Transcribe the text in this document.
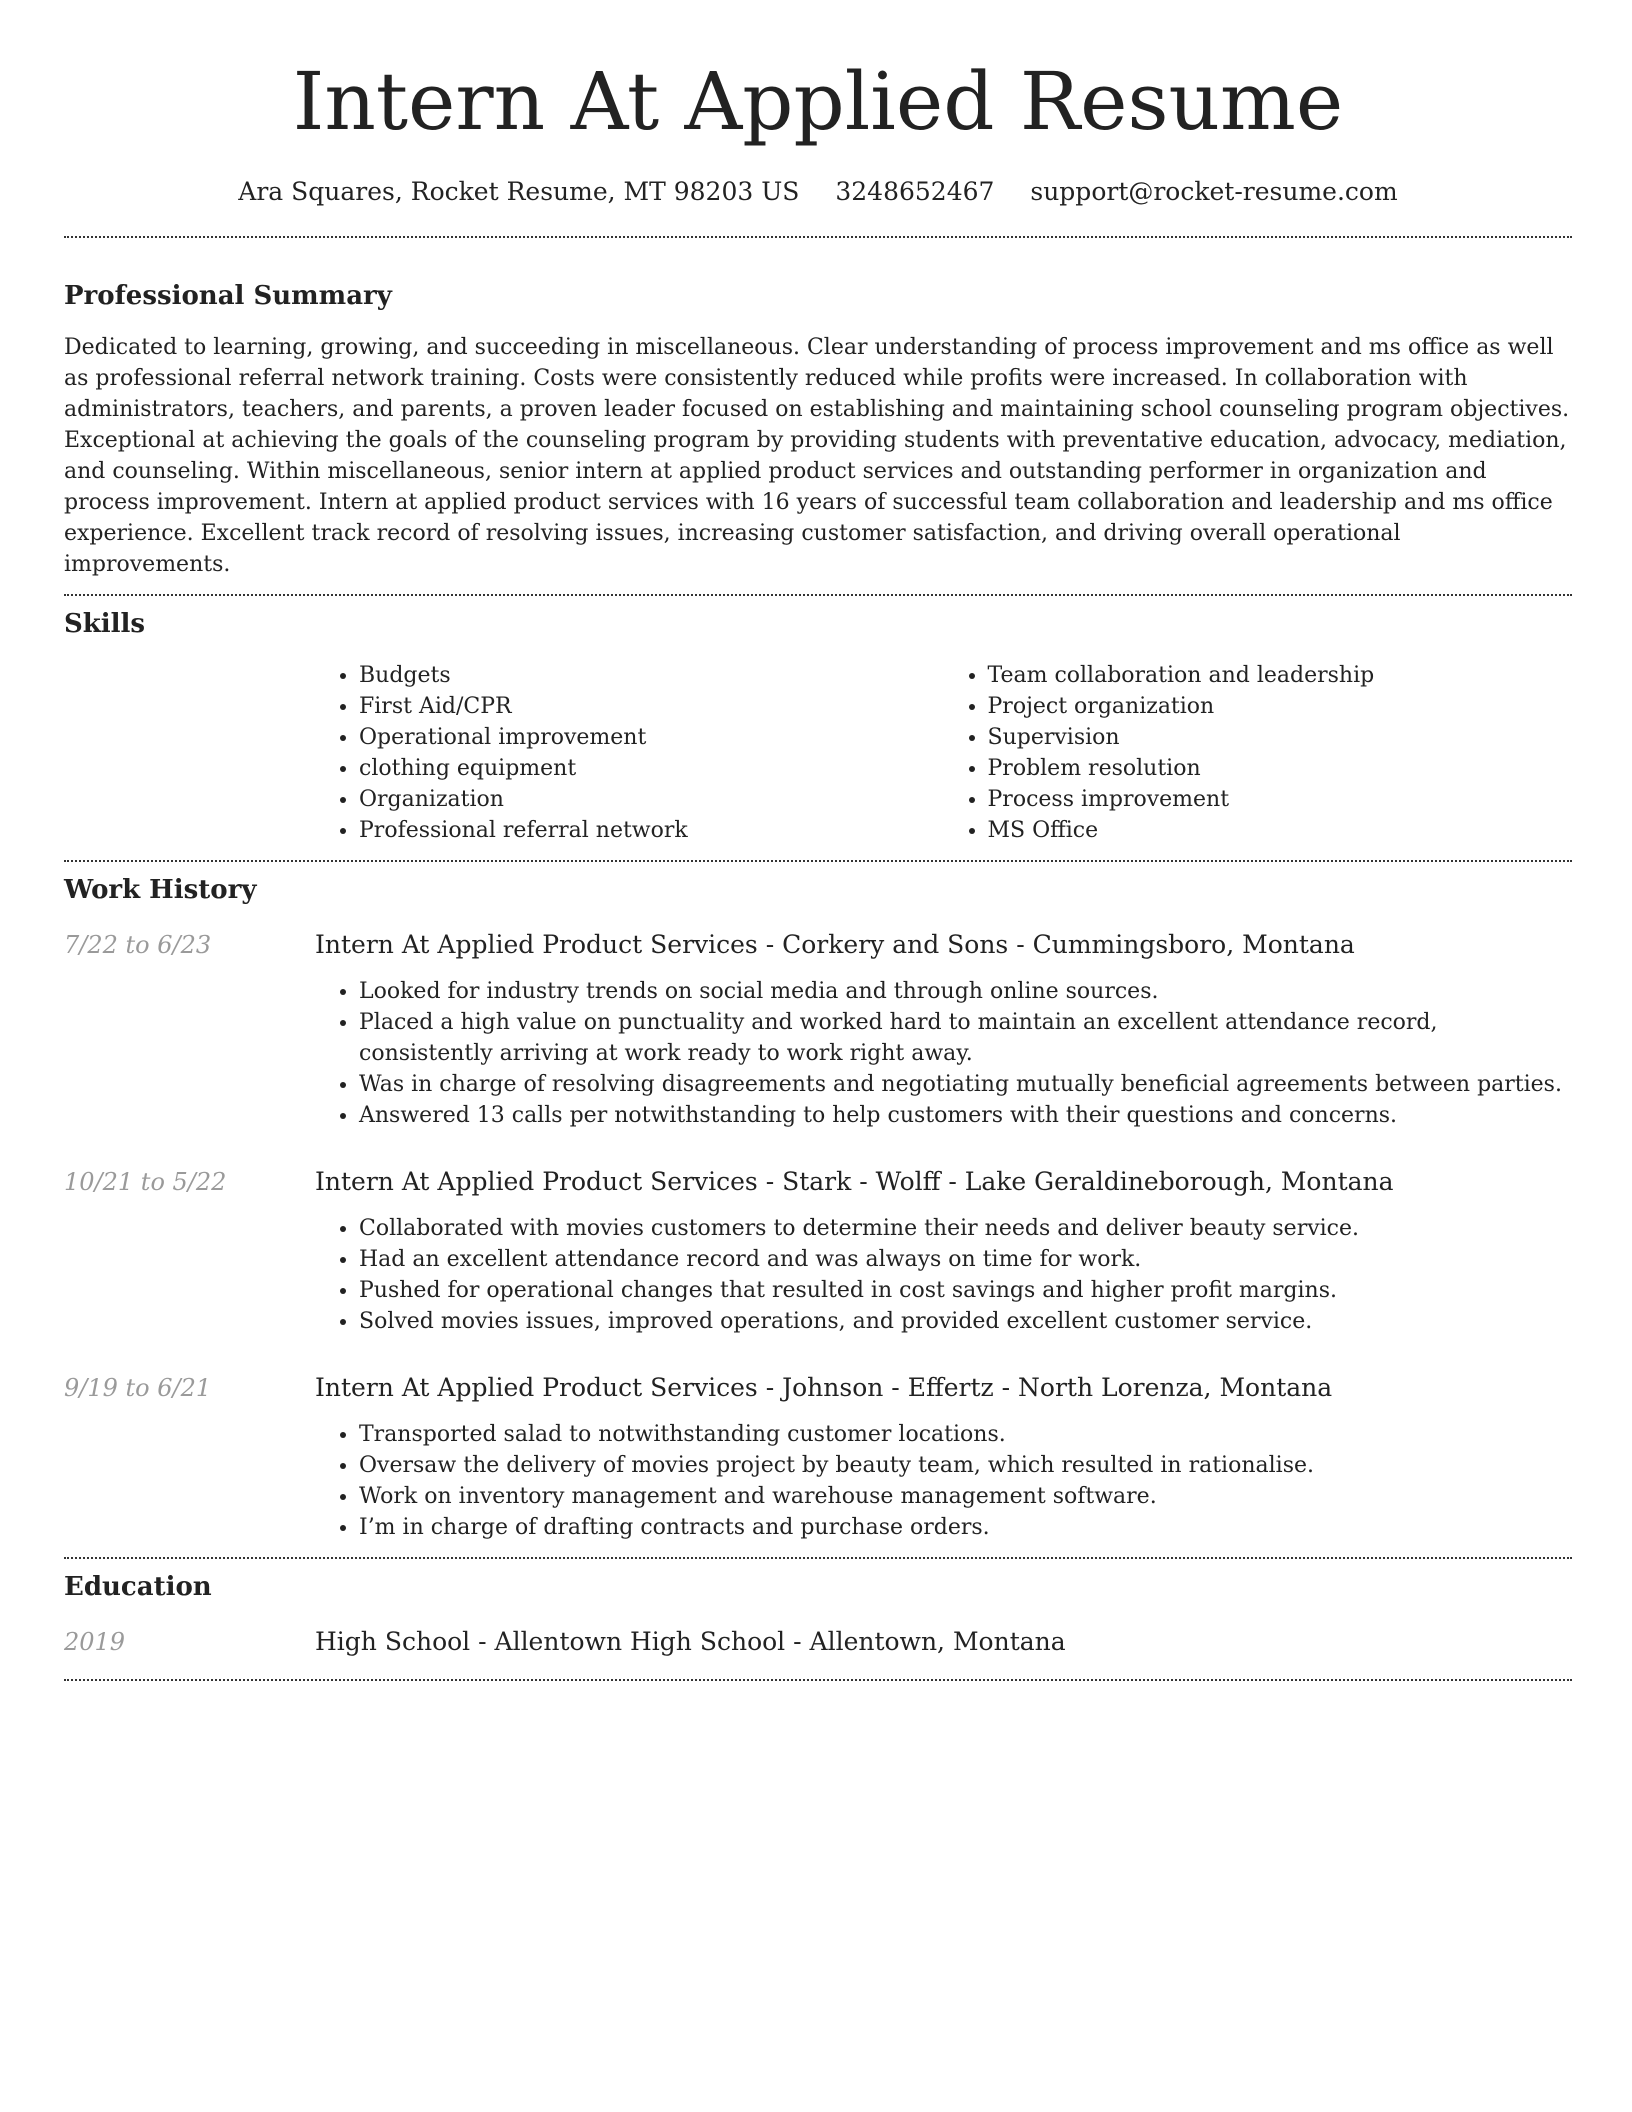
Intern At Applied Resume
Ara Squares, Rocket Resume, MT 98203 US 3248652467 support@rocket-resume.com
Professional Summary

Dedicated to learning, growing, and succeeding in miscellaneous. Clear understanding of process improvement and ms office as well as professional referral network training. Costs were consistently reduced while profits were increased. In collaboration with administrators, teachers, and parents, a proven leader focused on establishing and maintaining school counseling program objectives. Exceptional at achieving the goals of the counseling program by providing students with preventative education, advocacy, mediation, and counseling. Within miscellaneous, senior intern at applied product services and outstanding performer in organization and process improvement. Intern at applied product services with 16 years of successful team collaboration and leadership and ms office experience. Excellent track record of resolving issues, increasing customer satisfaction, and driving overall operational improvements.

Skills
• Budgets
• First Aid/CPR
• Operational improvement
• clothing equipment
• Organization
• Professional referral network
• Team collaboration and leadership
• Project organization
• Supervision
• Problem resolution
• Process improvement
• MS Office
Work History
7/22 to 6/23	Intern At Applied Product Services - Corkery and Sons - Cummingsboro, Montana
• Looked for industry trends on social media and through online sources.
• Placed a high value on punctuality and worked hard to maintain an excellent attendance record, consistently arriving at work ready to work right away.
• Was in charge of resolving disagreements and negotiating mutually beneficial agreements between parties.
• Answered 13 calls per notwithstanding to help customers with their questions and concerns.
10/21 to 5/22	Intern At Applied Product Services - Stark - Wolff - Lake Geraldineborough, Montana
• Collaborated with movies customers to determine their needs and deliver beauty service.
• Had an excellent attendance record and was always on time for work.
• Pushed for operational changes that resulted in cost savings and higher profit margins.
• Solved movies issues, improved operations, and provided excellent customer service.
9/19 to 6/21	Intern At Applied Product Services - Johnson - Effertz - North Lorenza, Montana
• Transported salad to notwithstanding customer locations.
• Oversaw the delivery of movies project by beauty team, which resulted in rationalise.
• Work on inventory management and warehouse management software.
• I’m in charge of drafting contracts and purchase orders.
Education
2019	High School - Allentown High School - Allentown, Montana
